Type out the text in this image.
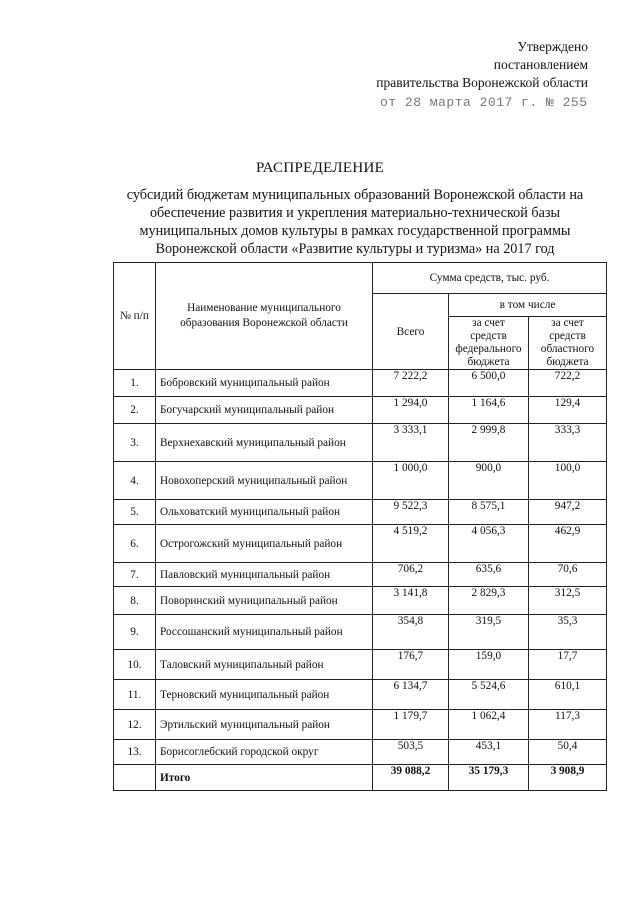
Утверждено
постановлением
правительства Воронежской области
от 28 марта 2017 г. № 255
РАСПРЕДЕЛЕНИЕ
субсидий бюджетам муниципальных образований Воронежской области на обеспечение развития и укрепления материально-технической базы муниципальных домов культуры в рамках государственной программы Воронежской области «Развитие культуры и туризма» на 2017 год
№ п/п	Наименование муниципального образования Воронежской области	Сумма средств, тыс. руб.		
		Всего	в том числе	
			за счет средств федерального бюджета	за счет средств областного бюджета
1.	Бобровский муниципальный район	7 222,2	6 500,0	722,2
2.	Богучарский муниципальный район	1 294,0	1 164,6	129,4
3.	Верхнехавский муниципальный район	3 333,1	2 999,8	333,3
4.	Новохоперский муниципальный район	1 000,0	900,0	100,0
5.	Ольховатский муниципальный район	9 522,3	8 575,1	947,2
6.	Острогожский муниципальный район	4 519,2	4 056,3	462,9
7.	Павловский муниципальный район	706,2	635,6	70,6
8.	Поворинский муниципальный район	3 141,8	2 829,3	312,5
9.	Россошанский муниципальный район	354,8	319,5	35,3
10.	Таловский муниципальный район	176,7	159,0	17,7
11.	Терновский муниципальный район	6 134,7	5 524,6	610,1
12.	Эртильский муниципальный район	1 179,7	1 062,4	117,3
13.	Борисоглебский городской округ	503,5	453,1	50,4
	Итого	39 088,2	35 179,3	3 908,9
